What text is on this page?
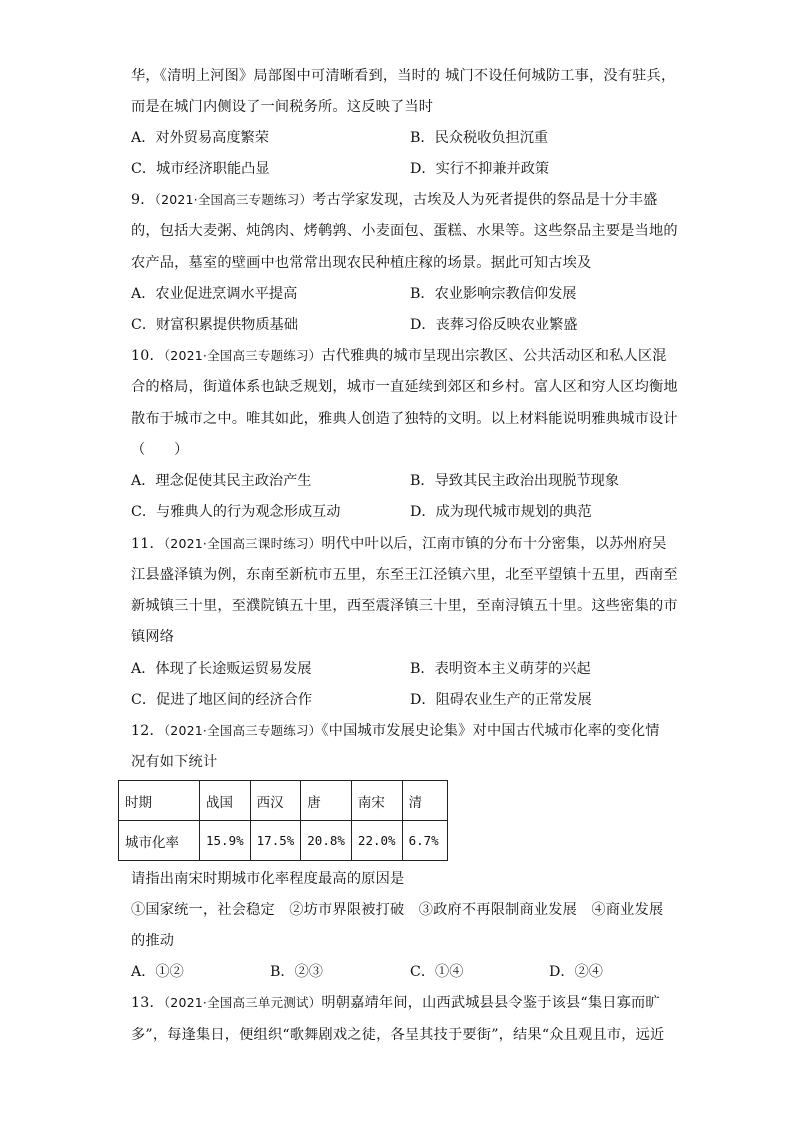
华，《清明上河图》局部图中可清晰看到，当时的 城门不设任何城防工事，没有驻兵，
而是在城门内侧设了一间税务所。这反映了当时
A．对外贸易高度繁荣	B．民众税收负担沉重
C．城市经济职能凸显	D．实行不抑兼并政策
9．（2021·全国高三专题练习）考古学家发现，古埃及人为死者提供的祭品是十分丰盛
的，包括大麦粥、炖鸽肉、烤鹌鹑、小麦面包、蛋糕、水果等。这些祭品主要是当地的
农产品，墓室的壁画中也常常出现农民种植庄稼的场景。据此可知古埃及
A．农业促进烹调水平提高	B．农业影响宗教信仰发展
C．财富积累提供物质基础	D．丧葬习俗反映农业繁盛
10．（2021·全国高三专题练习）古代雅典的城市呈现出宗教区、公共活动区和私人区混
合的格局，街道体系也缺乏规划，城市一直延续到郊区和乡村。富人区和穷人区均衡地
散布于城市之中。唯其如此，雅典人创造了独特的文明。以上材料能说明雅典城市设计
（　　）
A．理念促使其民主政治产生	B．导致其民主政治出现脱节现象
C．与雅典人的行为观念形成互动	D．成为现代城市规划的典范
11．（2021·全国高三课时练习）明代中叶以后，江南市镇的分布十分密集，以苏州府吴
江县盛泽镇为例，东南至新杭市五里，东至王江泾镇六里，北至平望镇十五里，西南至
新城镇三十里，至濮院镇五十里，西至震泽镇三十里，至南浔镇五十里。这些密集的市
镇网络
A．体现了长途贩运贸易发展	B．表明资本主义萌芽的兴起
C．促进了地区间的经济合作	D．阻碍农业生产的正常发展
12．（2021·全国高三专题练习）《中国城市发展史论集》对中国古代城市化率的变化情
况有如下统计
时期	战国	西汉	唐	南宋	清
城市化率	15.9%	17.5%	20.8%	22.0%	6.7%
请指出南宋时期城市化率程度最高的原因是
①国家统一，社会稳定　②坊市界限被打破　③政府不再限制商业发展　④商业发展
的推动
A．①②	B．②③	C．①④	D．②④
13．（2021·全国高三单元测试）明朝嘉靖年间，山西武城县县令鉴于该县“集日寡而旷
多”，每逢集日，便组织“歌舞剧戏之徒，各呈其技于要街”，结果“众且观且市，远近
